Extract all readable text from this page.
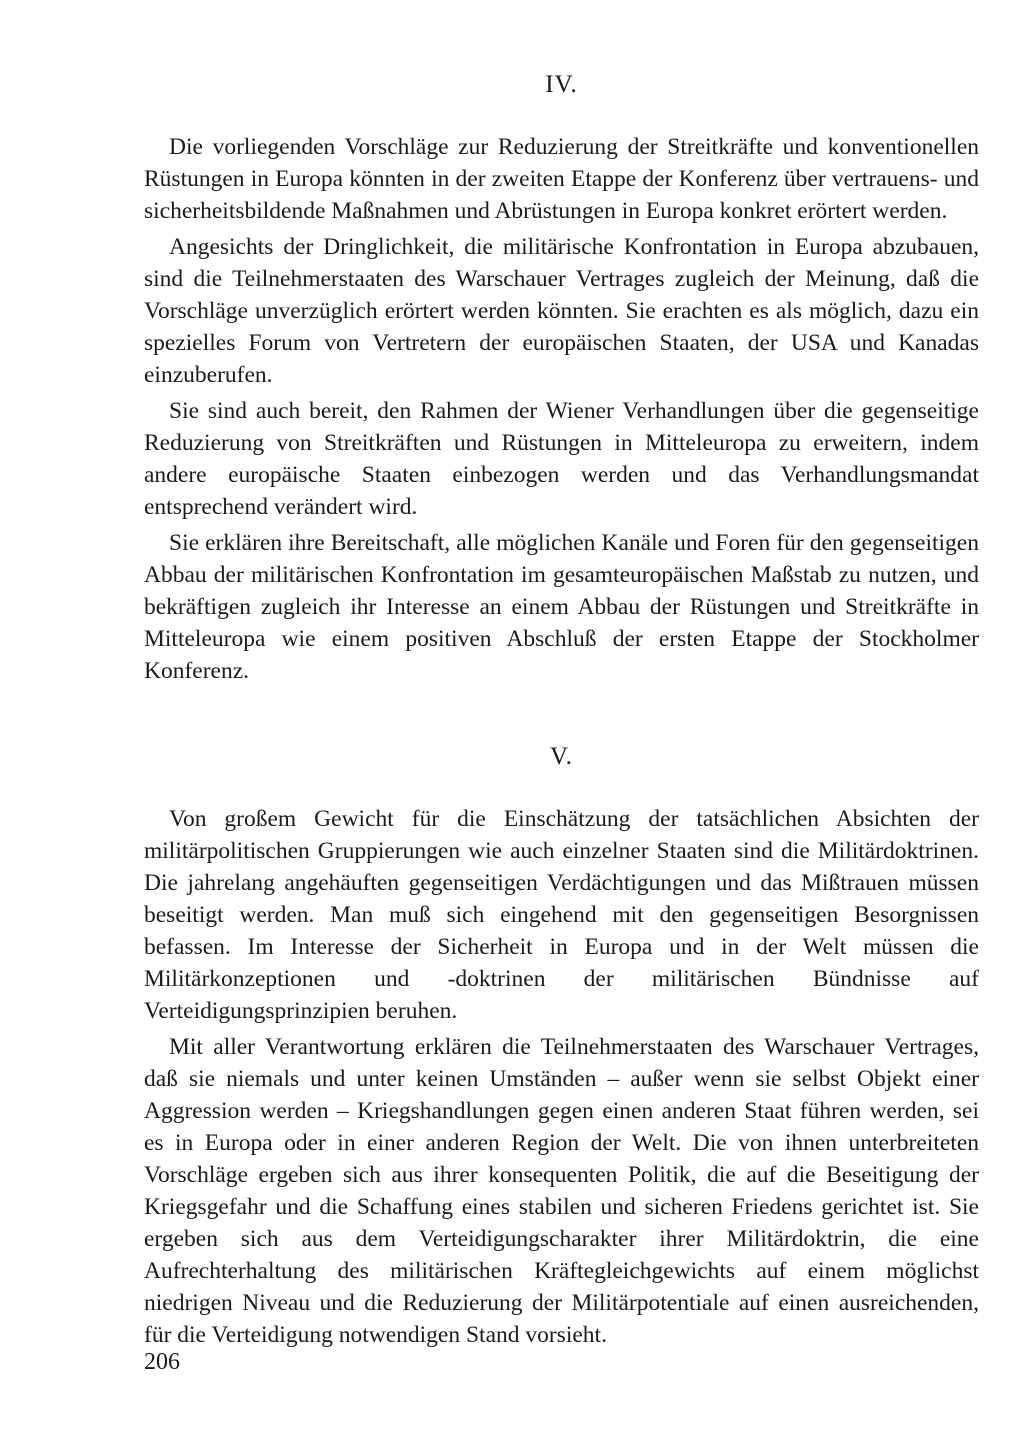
IV.

Die vorliegenden Vorschläge zur Reduzierung der Streitkräfte und konventionellen Rüstungen in Europa könnten in der zweiten Etappe der Konferenz über vertrauens- und sicherheitsbildende Maßnahmen und Abrüstungen in Europa konkret erörtert werden.

Angesichts der Dringlichkeit, die militärische Konfrontation in Europa abzubauen, sind die Teilnehmerstaaten des Warschauer Vertrages zugleich der Meinung, daß die Vorschläge unverzüglich erörtert werden könnten. Sie erachten es als möglich, dazu ein spezielles Forum von Vertretern der europäischen Staaten, der USA und Kanadas einzuberufen.

Sie sind auch bereit, den Rahmen der Wiener Verhandlungen über die gegenseitige Reduzierung von Streitkräften und Rüstungen in Mitteleuropa zu erweitern, indem andere europäische Staaten einbezogen werden und das Verhandlungsmandat entsprechend verändert wird.

Sie erklären ihre Bereitschaft, alle möglichen Kanäle und Foren für den gegenseitigen Abbau der militärischen Konfrontation im gesamteuropäischen Maßstab zu nutzen, und bekräftigen zugleich ihr Interesse an einem Abbau der Rüstungen und Streitkräfte in Mitteleuropa wie einem positiven Abschluß der ersten Etappe der Stockholmer Konferenz.

V.

Von großem Gewicht für die Einschätzung der tatsächlichen Absichten der militärpolitischen Gruppierungen wie auch einzelner Staaten sind die Militärdoktrinen. Die jahrelang angehäuften gegenseitigen Verdächtigungen und das Mißtrauen müssen beseitigt werden. Man muß sich eingehend mit den gegenseitigen Besorgnissen befassen. Im Interesse der Sicherheit in Europa und in der Welt müssen die Militärkonzeptionen und -doktrinen der militärischen Bündnisse auf Verteidigungsprinzipien beruhen.

Mit aller Verantwortung erklären die Teilnehmerstaaten des Warschauer Vertrages, daß sie niemals und unter keinen Umständen – außer wenn sie selbst Objekt einer Aggression werden – Kriegshandlungen gegen einen anderen Staat führen werden, sei es in Europa oder in einer anderen Region der Welt. Die von ihnen unterbreiteten Vorschläge ergeben sich aus ihrer konsequenten Politik, die auf die Beseitigung der Kriegsgefahr und die Schaffung eines stabilen und sicheren Friedens gerichtet ist. Sie ergeben sich aus dem Verteidigungscharakter ihrer Militärdoktrin, die eine Aufrechterhaltung des militärischen Kräftegleichgewichts auf einem möglichst niedrigen Niveau und die Reduzierung der Militärpotentiale auf einen ausreichenden, für die Verteidigung notwendigen Stand vorsieht.

206
